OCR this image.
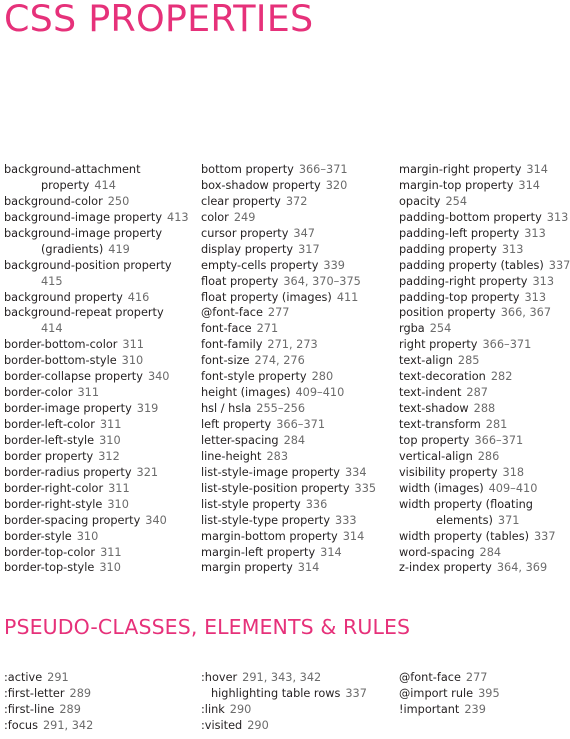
CSS PROPERTIES
background-attachment
property 414
background-color 250
background-image property 413
background-image property
(gradients) 419
background-position property
415
background property 416
background-repeat property
414
border-bottom-color 311
border-bottom-style 310
border-collapse property 340
border-color 311
border-image property 319
border-left-color 311
border-left-style 310
border property 312
border-radius property 321
border-right-color 311
border-right-style 310
border-spacing property 340
border-style 310
border-top-color 311
border-top-style 310
bottom property 366–371
box-shadow property 320
clear property 372
color 249
cursor property 347
display property 317
empty-cells property 339
float property 364, 370–375
float property (images) 411
@font-face 277
font-face 271
font-family 271, 273
font-size 274, 276
font-style property 280
height (images) 409–410
hsl / hsla 255–256
left property 366–371
letter-spacing 284
line-height 283
list-style-image property 334
list-style-position property 335
list-style property 336
list-style-type property 333
margin-bottom property 314
margin-left property 314
margin property 314
margin-right property 314
margin-top property 314
opacity 254
padding-bottom property 313
padding-left property 313
padding property 313
padding property (tables) 337
padding-right property 313
padding-top property 313
position property 366, 367
rgba 254
right property 366–371
text-align 285
text-decoration 282
text-indent 287
text-shadow 288
text-transform 281
top property 366–371
vertical-align 286
visibility property 318
width (images) 409–410
width property (floating
elements) 371
width property (tables) 337
word-spacing 284
z-index property 364, 369
PSEUDO-CLASSES, ELEMENTS & RULES
:active 291
:first-letter 289
:first-line 289
:focus 291, 342
:hover 291, 343, 342
highlighting table rows 337
:link 290
:visited 290
@font-face 277
@import rule 395
!important 239
